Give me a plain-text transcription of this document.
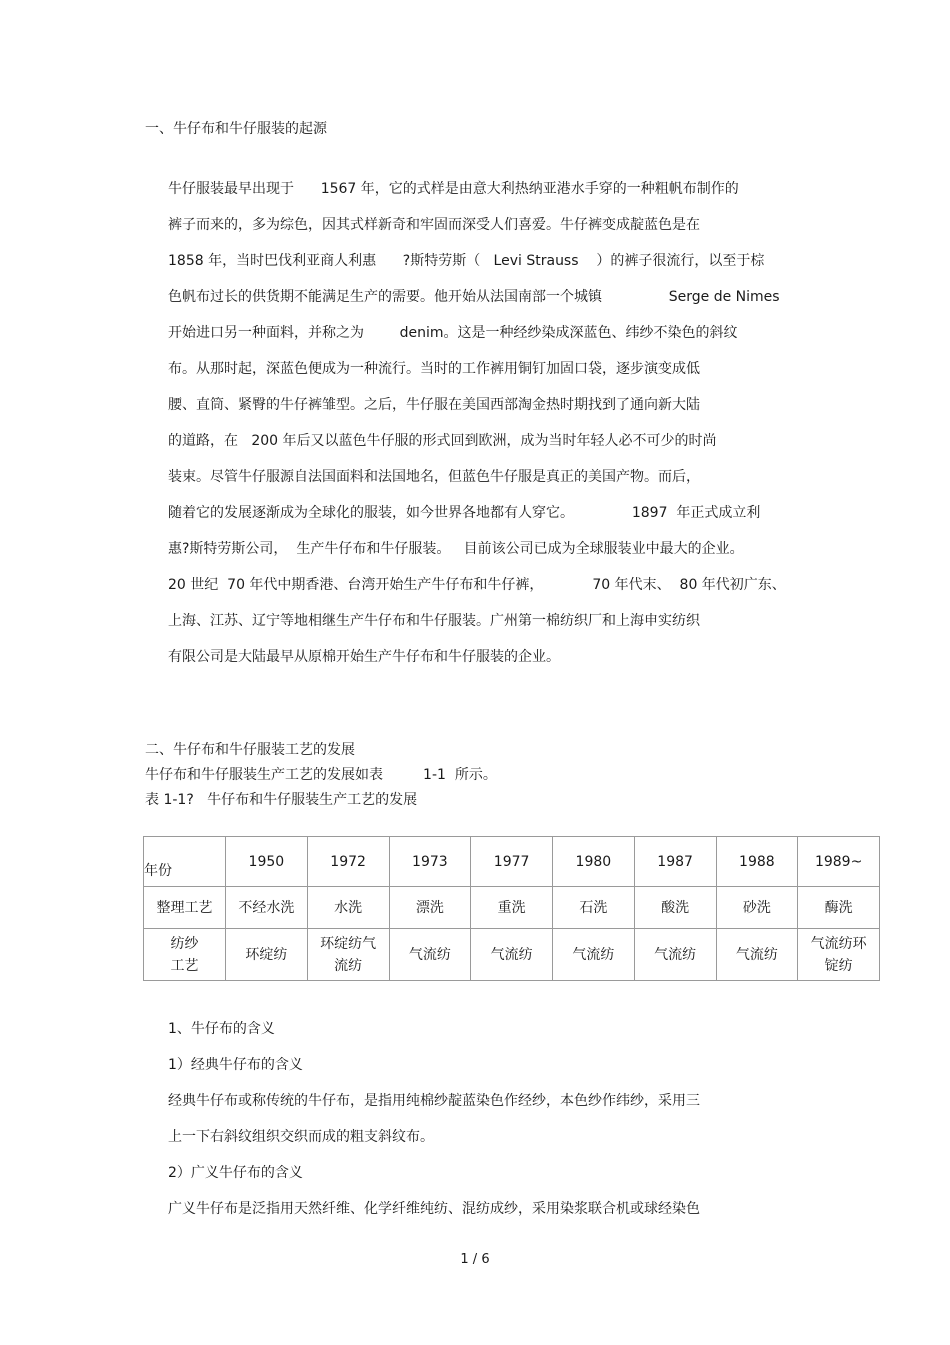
一、牛仔布和牛仔服装的起源
牛仔服装最早出现于      1567 年，它的式样是由意大利热纳亚港水手穿的一种粗帆布制作的
裤子而来的，多为综色，因其式样新奇和牢固而深受人们喜爱。牛仔裤变成靛蓝色是在
1858 年，当时巴伐利亚商人利惠      ?斯特劳斯（   Levi Strauss    ）的裤子很流行，以至于棕
色帆布过长的供货期不能满足生产的需要。他开始从法国南部一个城镇               Serge de Nimes
开始进口另一种面料，并称之为        denim。这是一种经纱染成深蓝色、纬纱不染色的斜纹
布。从那时起，深蓝色便成为一种流行。当时的工作裤用铜钉加固口袋，逐步演变成低
腰、直筒、紧臀的牛仔裤雏型。之后，牛仔服在美国西部淘金热时期找到了通向新大陆
的道路，在   200 年后又以蓝色牛仔服的形式回到欧洲，成为当时年轻人必不可少的时尚
装束。尽管牛仔服源自法国面料和法国地名，但蓝色牛仔服是真正的美国产物。而后，
随着它的发展逐渐成为全球化的服装，如今世界各地都有人穿它。             1897  年正式成立利
惠?斯特劳斯公司，  生产牛仔布和牛仔服装。   目前该公司已成为全球服装业中最大的企业。
20 世纪  70 年代中期香港、台湾开始生产牛仔布和牛仔裤，           70 年代末、  80 年代初广东、
上海、江苏、辽宁等地相继生产牛仔布和牛仔服装。广州第一棉纺织厂和上海申实纺织
有限公司是大陆最早从原棉开始生产牛仔布和牛仔服装的企业。
二、牛仔布和牛仔服装工艺的发展
牛仔布和牛仔服装生产工艺的发展如表         1-1  所示。
表 1-1?   牛仔布和牛仔服装生产工艺的发展
年份	1950	1972	1973	1977	1980	1987	1988	1989~
整理工艺	不经水洗	水洗	漂洗	重洗	石洗	酸洗	砂洗	酶洗

纺纱
工艺	环绽纺	环绽纺气流纺	气流纺	气流纺	气流纺	气流纺	气流纺	气流纺环锭纺
1、牛仔布的含义
1）经典牛仔布的含义
经典牛仔布或称传统的牛仔布，是指用纯棉纱靛蓝染色作经纱，本色纱作纬纱，采用三
上一下右斜纹组织交织而成的粗支斜纹布。
2）广义牛仔布的含义
广义牛仔布是泛指用天然纤维、化学纤维纯纺、混纺成纱，采用染浆联合机或球经染色
1 / 6
